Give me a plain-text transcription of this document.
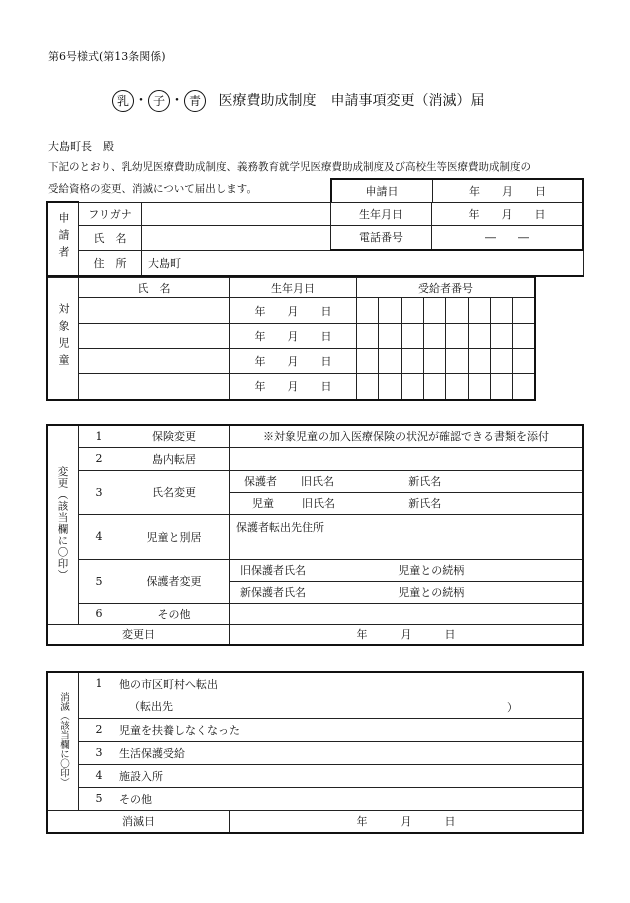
第6号様式(第13条関係)
乳 ・ 子 ・ 青 医療費助成制度　申請事項変更（消滅）届
大島町長　殿
下記のとおり、乳幼児医療費助成制度、義務教育就学児医療費助成制度及び高校生等医療費助成制度の
受給資格の変更、消滅について届出します。	申請日	年　　月　　日
申請者	フリガナ		生年月日	年　　月　　日
	氏　名		電話番号	―　　―
	住　所	大島町		
対象児童	氏　名	生年月日	受給者番号							
		年　　月　　日								
		年　　月　　日								
		年　　月　　日								
		年　　月　　日								
変更（該当欄に〇印）	1	保険変更	※対象児童の加入医療保険の状況が確認できる書類を添付	
	2	島内転居		
	3	氏名変更	保護者 旧氏名	新氏名
			児童 旧氏名	新氏名
	4	児童と別居	保護者転出先住所	
	5	保護者変更	旧保護者氏名	児童との続柄
			新保護者氏名	児童との続柄
	6	その他		
変更日			年　　　月　　　日	
消滅（該当欄に〇印）	1	他の市区町村へ転出
		（転出先 ）

	2	児童を扶養しなくなった
	3	生活保護受給
	4	施設入所
	5	その他
消滅日	年　　　月　　　日
